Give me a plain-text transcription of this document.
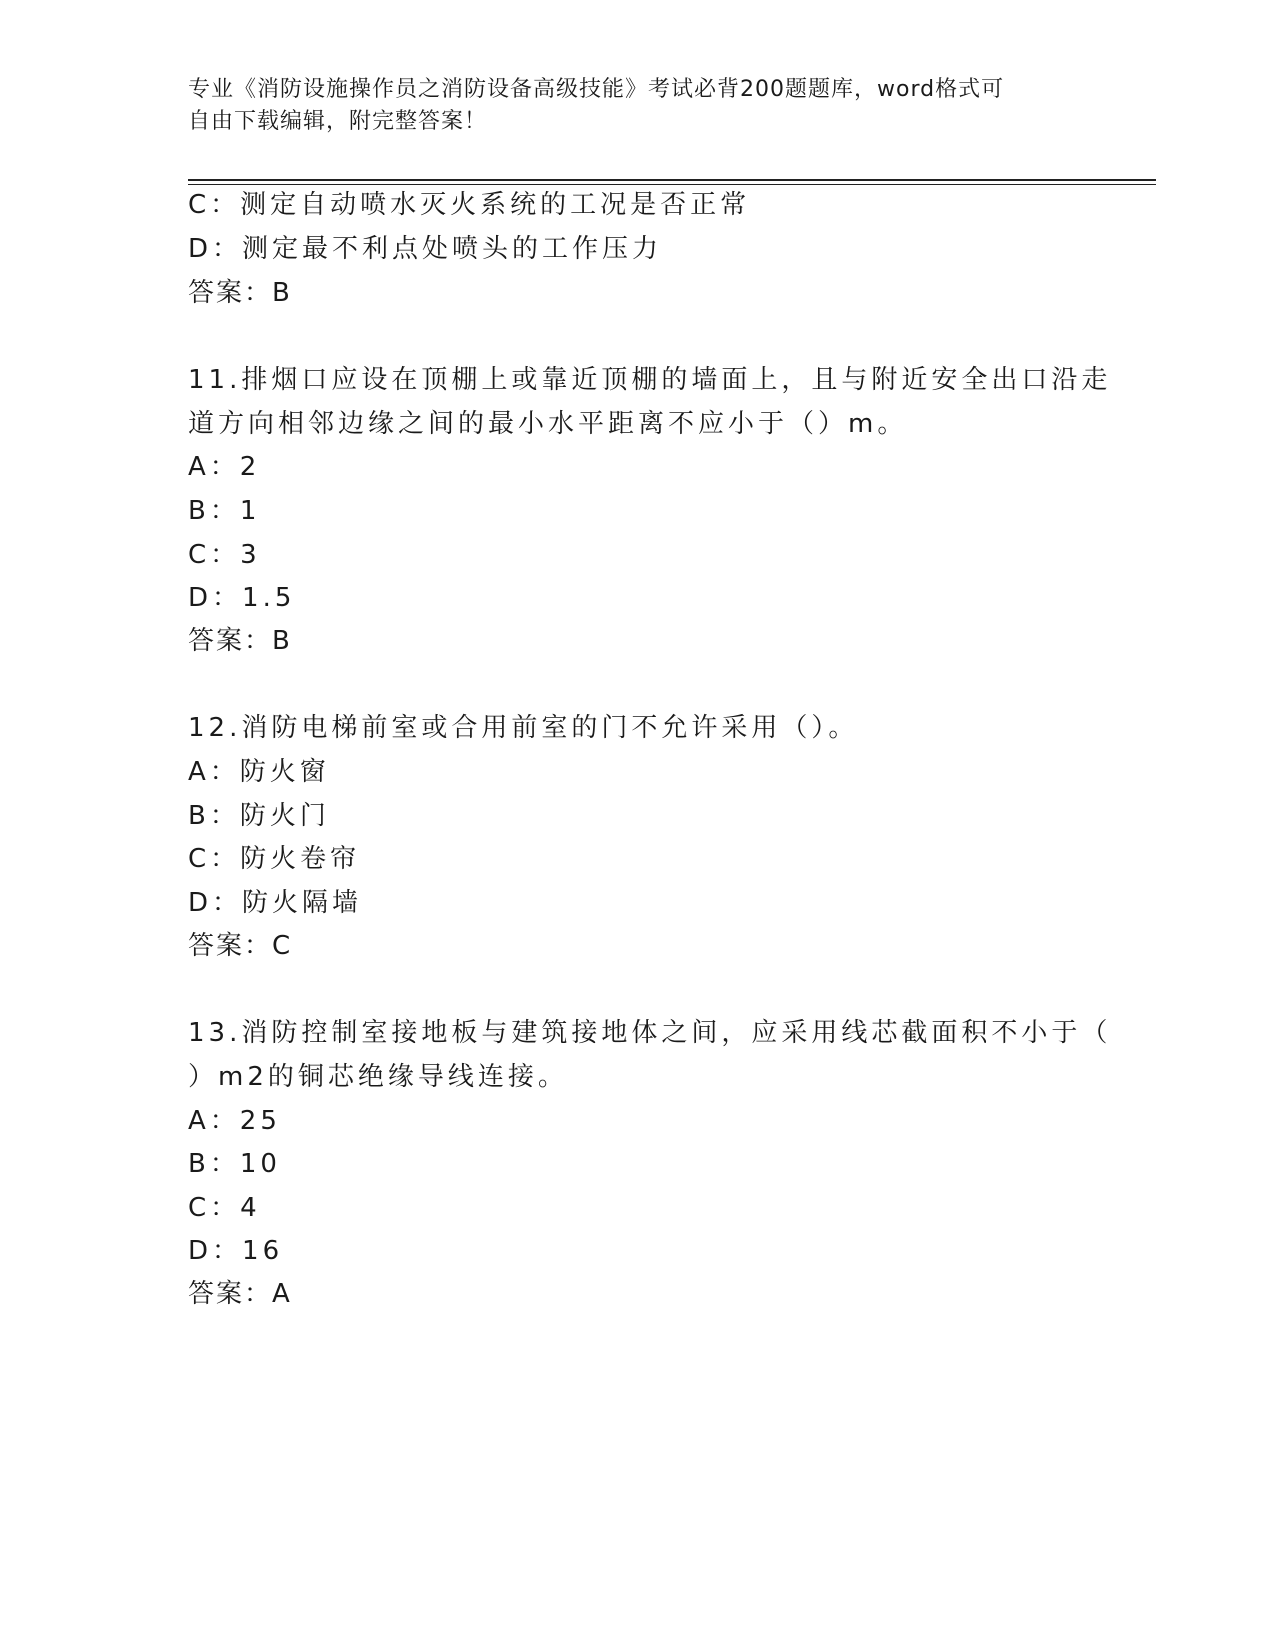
专业《消防设施操作员之消防设备高级技能》考试必背200题题库，word格式可
自由下载编辑，附完整答案！
C：测定自动喷水灭火系统的工况是否正常
D：测定最不利点处喷头的工作压力
答案：B
11.排烟口应设在顶棚上或靠近顶棚的墙面上，且与附近安全出口沿走
道方向相邻边缘之间的最小水平距离不应小于（）m。
A：2
B：1
C：3
D：1.5
答案：B
12.消防电梯前室或合用前室的门不允许采用（）。
A：防火窗
B：防火门
C：防火卷帘
D：防火隔墙
答案：C
13.消防控制室接地板与建筑接地体之间，应采用线芯截面积不小于（
）m2的铜芯绝缘导线连接。
A：25
B：10
C：4
D：16
答案：A
